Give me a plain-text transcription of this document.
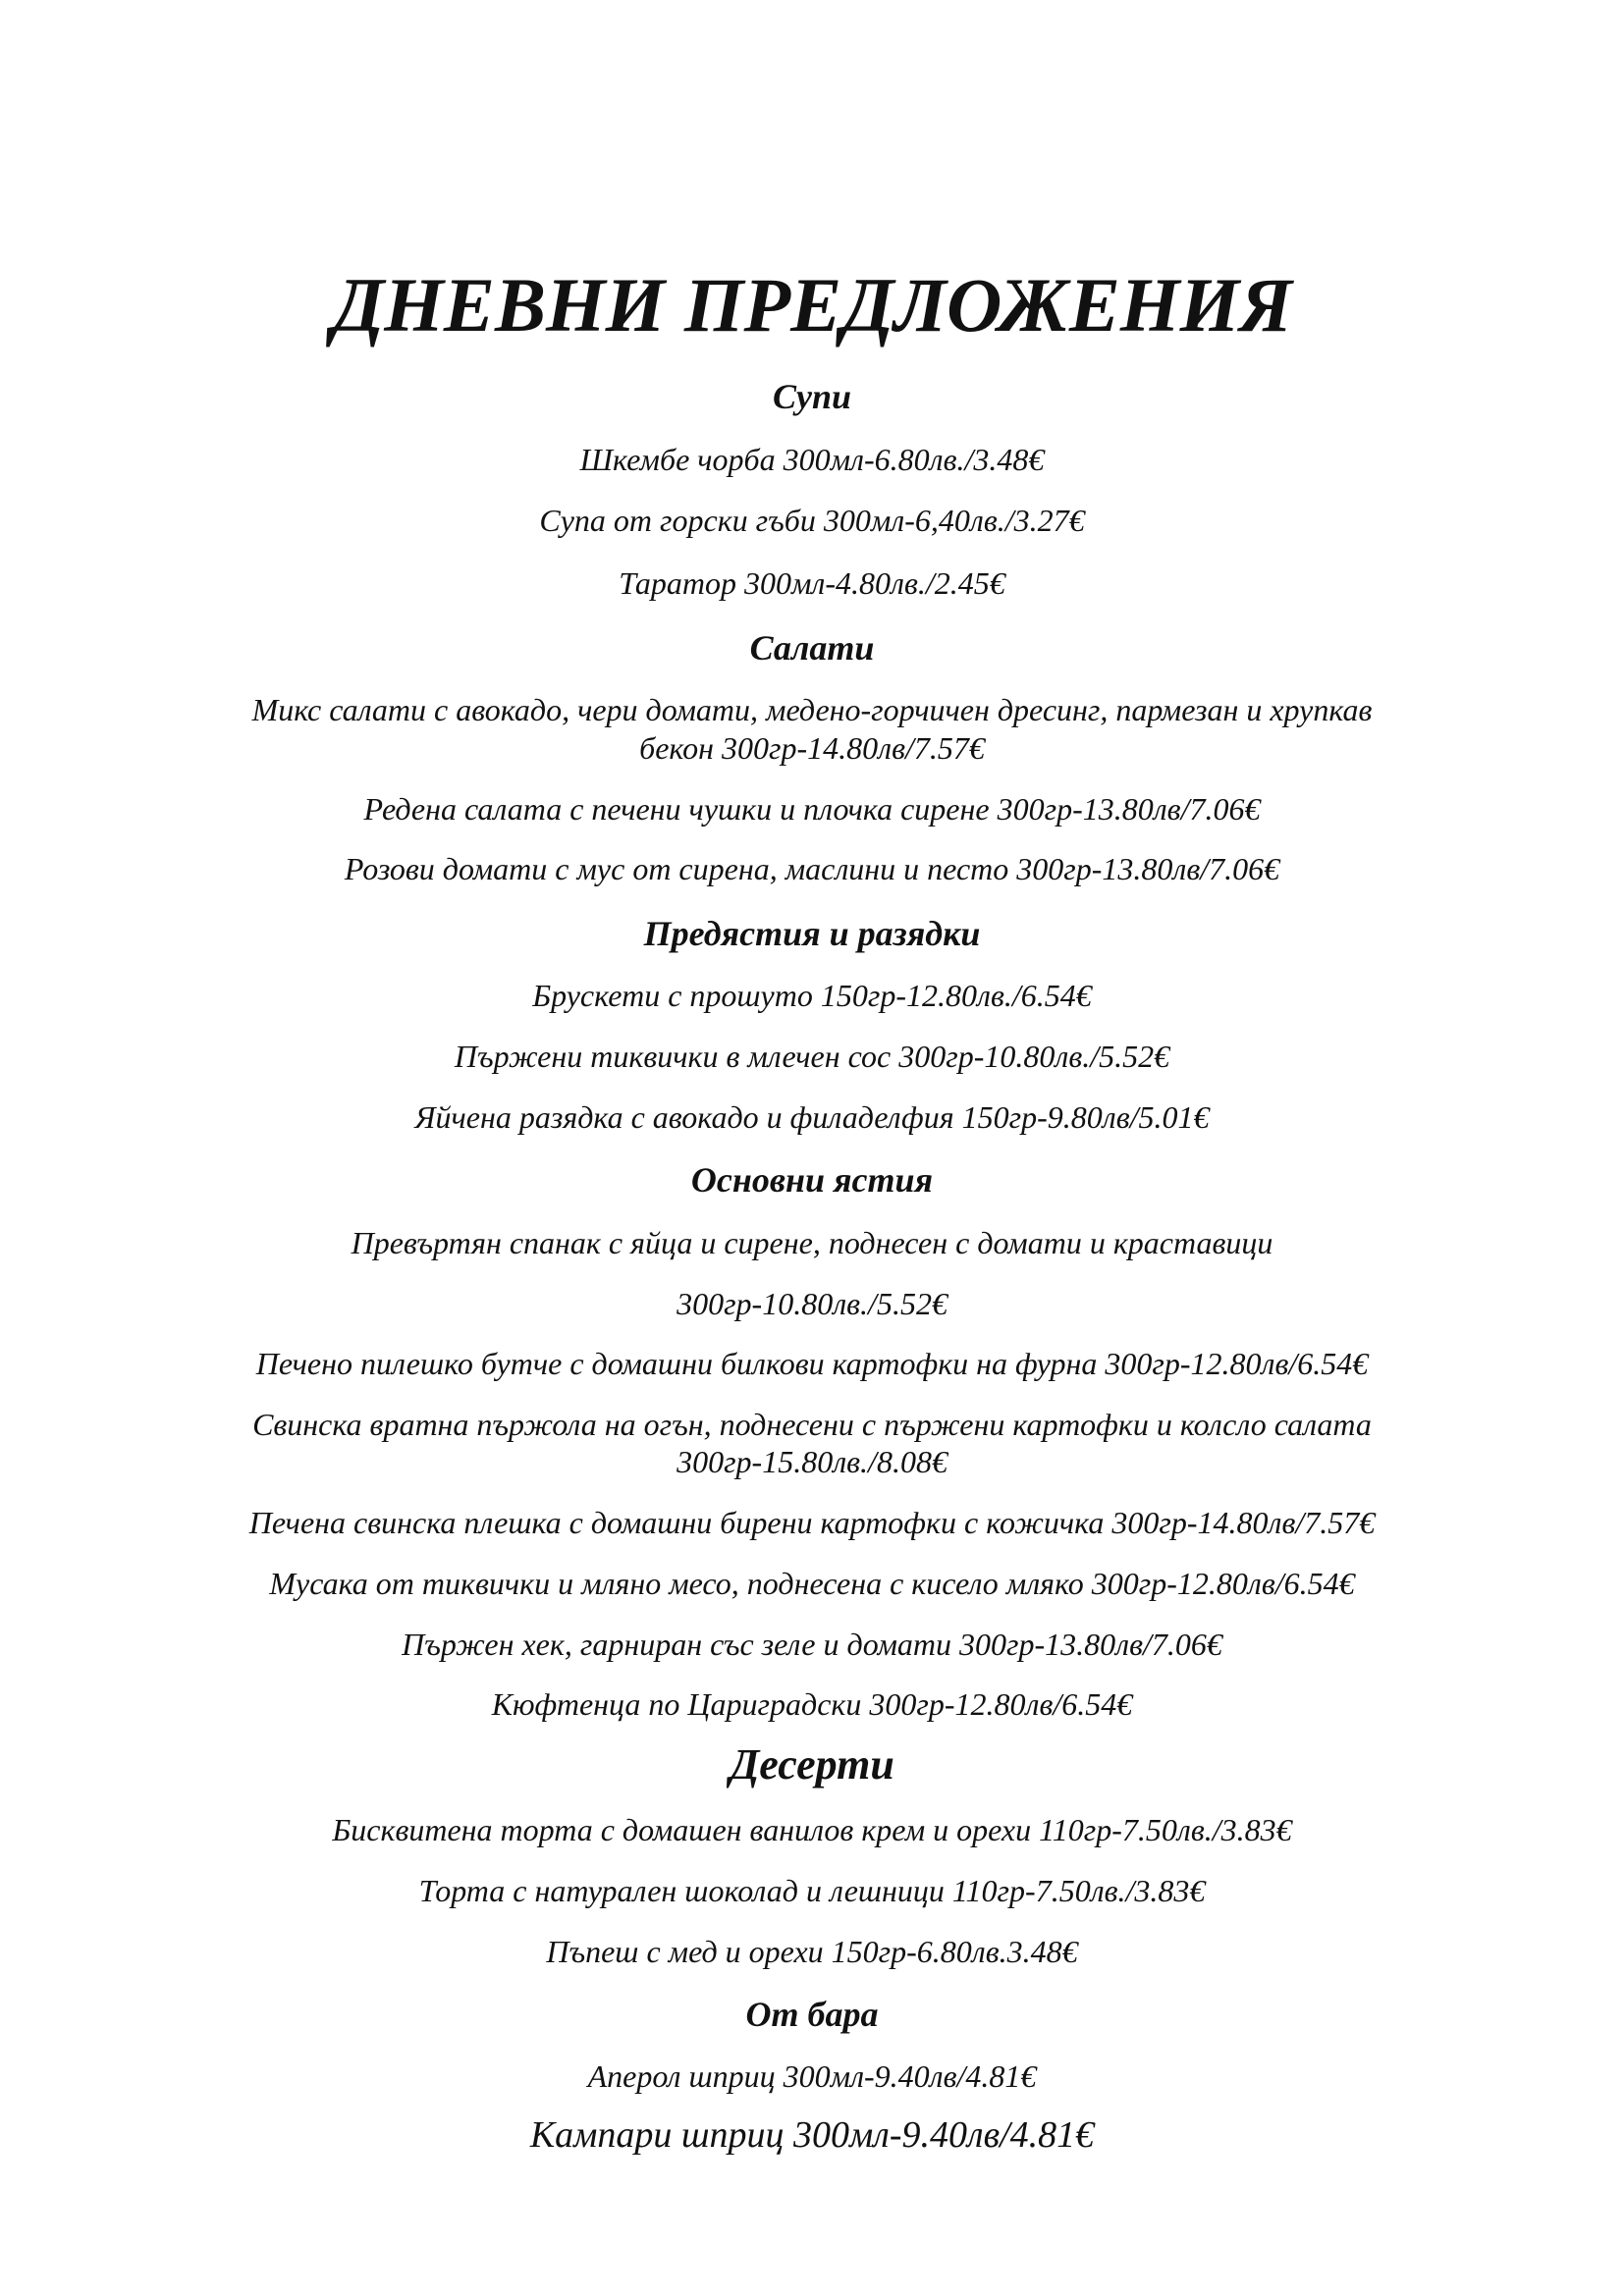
ДНЕВНИ ПРЕДЛОЖЕНИЯ
Супи
Шкембе чорба 300мл-6.80лв./3.48€
Супа от горски гъби 300мл-6,40лв./3.27€
Таратор 300мл-4.80лв./2.45€
Салати
Микс салати с авокадо, чери домати, медено-горчичен дресинг, пармезан и хрупкав
бекон 300гр-14.80лв/7.57€
Редена салата с печени чушки и плочка сирене 300гр-13.80лв/7.06€
Розови домати с мус от сирена, маслини и песто 300гр-13.80лв/7.06€
Предястия и разядки
Брускети с прошуто 150гр-12.80лв./6.54€
Пържени тиквички в млечен сос 300гр-10.80лв./5.52€
Яйчена разядка с авокадо и филаделфия 150гр-9.80лв/5.01€
Основни ястия
Превъртян спанак с яйца и сирене, поднесен с домати и краставици
300гр-10.80лв./5.52€
Печено пилешко бутче с домашни билкови картофки на фурна 300гр-12.80лв/6.54€
Свинска вратна пържола на огън, поднесени с пържени картофки и колсло салата
300гр-15.80лв./8.08€
Печена свинска плешка с домашни бирени картофки с кожичка 300гр-14.80лв/7.57€
Мусака от тиквички и мляно месо, поднесена с кисело мляко 300гр-12.80лв/6.54€
Пържен хек, гарниран със зеле и домати 300гр-13.80лв/7.06€
Кюфтенца по Цариградски 300гр-12.80лв/6.54€
Десерти
Бисквитена торта с домашен ванилов крем и орехи 110гр-7.50лв./3.83€
Торта с натурален шоколад и лешници 110гр-7.50лв./3.83€
Пъпеш с мед и орехи 150гр-6.80лв.3.48€
От бара
Аперол шприц 300мл-9.40лв/4.81€
Кампари шприц 300мл-9.40лв/4.81€
